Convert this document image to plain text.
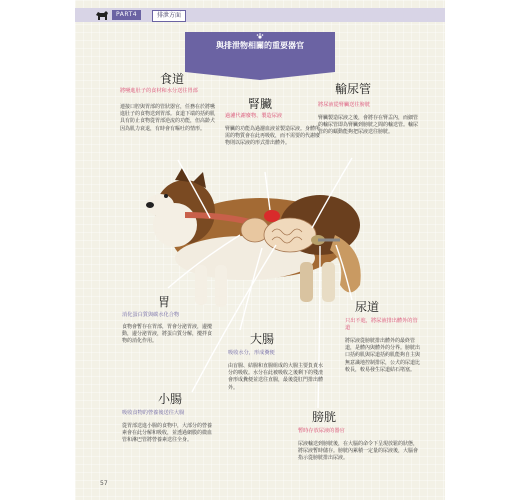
PART4	排泄方面
與排泄物相關的重要器官
食道
將嚥進肚子的食材和水分送往胃部
連接口腔與胃部的管狀器官，任務在於將嚥進肚子的食物送到胃部。食道下端的括約肌具有防止食物從胃部逆流的功能，但高齡犬因為肌力衰退，有時會有嘔吐的情形。
腎臟
過濾代謝廢物、製造尿液
腎臟的功能為過濾血液並製造尿液。身體所需的物質會在此再吸收，而不需要的代謝廢物則以尿液的形式排出體外。
輸尿管
將尿液從腎臟送往膀胱
腎臟製造尿液之後，會將存在腎盂內，而細管的輸尿管即為腎臟到膀胱之間的輸送管。輸尿管的的蠕動能夠把尿液送往膀胱。
胃
消化蛋白質與碳水化合物
食物會暫存在胃部，胃會分泌胃液，邊攪動，邊分泌胃液，將蛋白質分解，攪拌食物的消化作用。	大腸
吸收水分，形成糞便
由盲腸、結腸和直腸組成的大腸主要負責水分的吸收。水分在此被吸收之後剩下的殘渣會形成糞便並送往直腸，最後從肛門排出體外。
尿道
只出不進，將尿液排出體外的管道
將尿液從膀胱排出體外的最終管道，是體內與體外的分界。膀胱出口括約肌與尿道括約肌能夠自主與無意識地控制排尿，公犬的尿道比較長，較易發生尿道結石堵塞。
小腸
吸收食物的營養後送往大腸
從胃部送進小腸的食物中，大部分的營養素會在此分解和吸收，並透過網膜的微血管和淋巴管將營養素送往全身。
膀胱
暫時存放尿液的器官
尿液輸送到膀胱後，在大腦的命令下呈現放鬆的狀態，將尿液暫時儲存。膀胱內累積一定量的尿液後，大腦會指示從膀胱排出尿液。
57
